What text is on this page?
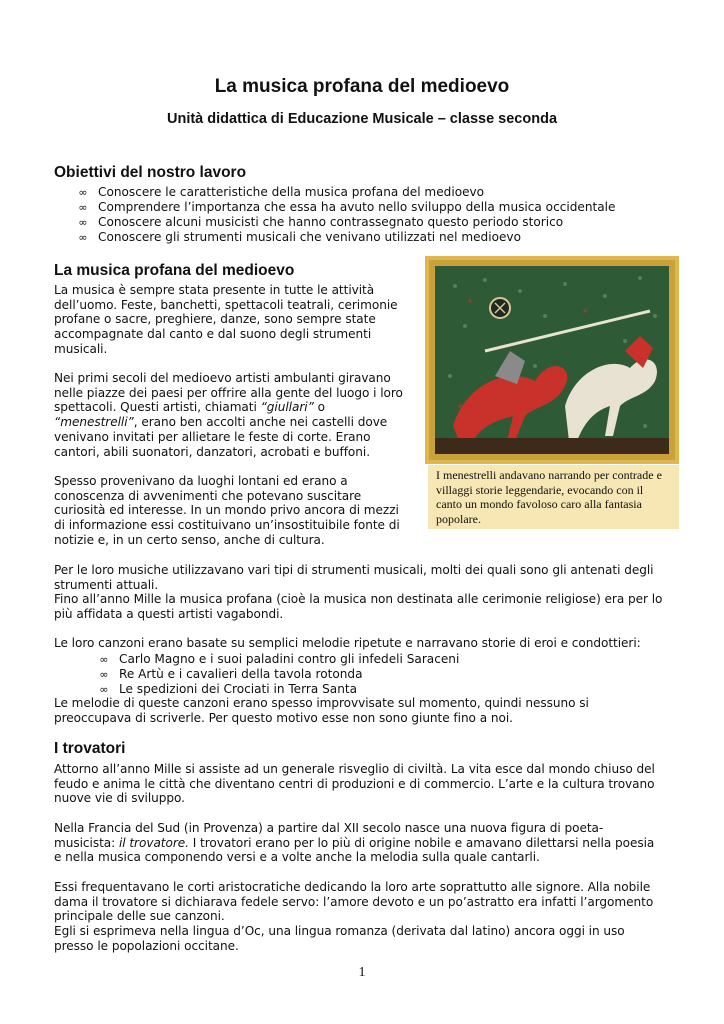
La musica profana del medioevo
Unità didattica di Educazione Musicale – classe seconda
Obiettivi del nostro lavoro
∞ Conoscere le caratteristiche della musica profana del medioevo
∞ Comprendere l’importanza che essa ha avuto nello sviluppo della musica occidentale
∞ Conoscere alcuni musicisti che hanno contrassegnato questo periodo storico
∞ Conoscere gli strumenti musicali che venivano utilizzati nel medioevo
La musica profana del medioevo
La musica è sempre stata presente in tutte le attività
dell’uomo. Feste, banchetti, spettacoli teatrali, cerimonie
profane o sacre, preghiere, danze, sono sempre state
accompagnate dal canto e dal suono degli strumenti
musicali.
Nei primi secoli del medioevo artisti ambulanti giravano
nelle piazze dei paesi per offrire alla gente del luogo i loro
spettacoli. Questi artisti, chiamati “giullari” o
“menestrelli”, erano ben accolti anche nei castelli dove
venivano invitati per allietare le feste di corte. Erano
cantori, abili suonatori, danzatori, acrobati e buffoni.
Spesso provenivano da luoghi lontani ed erano a
conoscenza di avvenimenti che potevano suscitare
curiosità ed interesse. In un mondo privo ancora di mezzi
di informazione essi costituivano un’insostituibile fonte di
notizie e, in un certo senso, anche di cultura.
I menestrelli andavano narrando per contrade e
villaggi storie leggendarie, evocando con il
canto un mondo favoloso caro alla fantasia
popolare.
Per le loro musiche utilizzavano vari tipi di strumenti musicali, molti dei quali sono gli antenati degli
strumenti attuali.
Fino all’anno Mille la musica profana (cioè la musica non destinata alle cerimonie religiose) era per lo
più affidata a questi artisti vagabondi.
Le loro canzoni erano basate su semplici melodie ripetute e narravano storie di eroi e condottieri:
∞ Carlo Magno e i suoi paladini contro gli infedeli Saraceni
∞ Re Artù e i cavalieri della tavola rotonda
∞ Le spedizioni dei Crociati in Terra Santa
Le melodie di queste canzoni erano spesso improvvisate sul momento, quindi nessuno si
preoccupava di scriverle. Per questo motivo esse non sono giunte fino a noi.
I trovatori
Attorno all’anno Mille si assiste ad un generale risveglio di civiltà. La vita esce dal mondo chiuso del
feudo e anima le città che diventano centri di produzioni e di commercio. L’arte e la cultura trovano
nuove vie di sviluppo.
Nella Francia del Sud (in Provenza) a partire dal XII secolo nasce una nuova figura di poeta-
musicista: il trovatore. I trovatori erano per lo più di origine nobile e amavano dilettarsi nella poesia
e nella musica componendo versi e a volte anche la melodia sulla quale cantarli.
Essi frequentavano le corti aristocratiche dedicando la loro arte soprattutto alle signore. Alla nobile
dama il trovatore si dichiarava fedele servo: l’amore devoto e un po’astratto era infatti l’argomento
principale delle sue canzoni.
Egli si esprimeva nella lingua d’Oc, una lingua romanza (derivata dal latino) ancora oggi in uso
presso le popolazioni occitane.
1
